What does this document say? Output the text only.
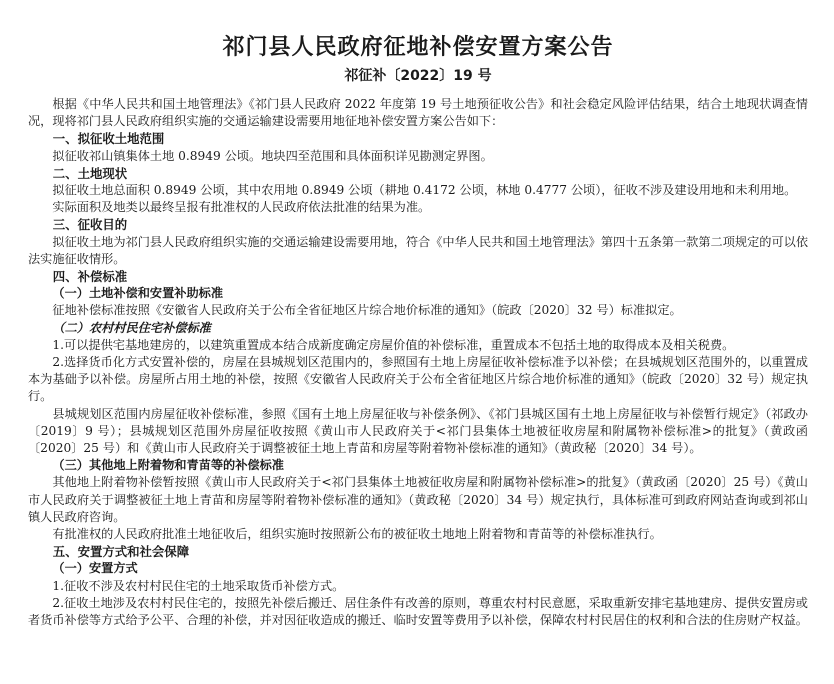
祁门县人民政府征地补偿安置方案公告
祁征补〔2022〕19 号

根据《中华人民共和国土地管理法》《祁门县人民政府 2022 年度第 19 号土地预征收公告》和社会稳定风险评估结果，结合土地现状调查情况，现将祁门县人民政府组织实施的交通运输建设需要用地征地补偿安置方案公告如下：

一、拟征收土地范围

拟征收祁山镇集体土地 0.8949 公顷。地块四至范围和具体面积详见勘测定界图。

二、土地现状

拟征收土地总面积 0.8949 公顷，其中农用地 0.8949 公顷（耕地 0.4172 公顷，林地 0.4777 公顷），征收不涉及建设用地和未利用地。

实际面积及地类以最终呈报有批准权的人民政府依法批准的结果为准。

三、征收目的

拟征收土地为祁门县人民政府组织实施的交通运输建设需要用地，符合《中华人民共和国土地管理法》第四十五条第一款第二项规定的可以依法实施征收情形。

四、补偿标准

（一）土地补偿和安置补助标准

征地补偿标准按照《安徽省人民政府关于公布全省征地区片综合地价标准的通知》（皖政〔2020〕32 号）标准拟定。

（二）农村村民住宅补偿标准

1.可以提供宅基地建房的，以建筑重置成本结合成新度确定房屋价值的补偿标准，重置成本不包括土地的取得成本及相关税费。

2.选择货币化方式安置补偿的，房屋在县城规划区范围内的，参照国有土地上房屋征收补偿标准予以补偿；在县城规划区范围外的，以重置成本为基础予以补偿。房屋所占用土地的补偿，按照《安徽省人民政府关于公布全省征地区片综合地价标准的通知》（皖政〔2020〕32 号）规定执行。

县城规划区范围内房屋征收补偿标准，参照《国有土地上房屋征收与补偿条例》、《祁门县城区国有土地上房屋征收与补偿暂行规定》（祁政办〔2019〕9 号）；县城规划区范围外房屋征收按照《黄山市人民政府关于<祁门县集体土地被征收房屋和附属物补偿标准>的批复》（黄政函〔2020〕25 号）和《黄山市人民政府关于调整被征土地上青苗和房屋等附着物补偿标准的通知》（黄政秘〔2020〕34 号）。

（三）其他地上附着物和青苗等的补偿标准

其他地上附着物补偿暂按照《黄山市人民政府关于<祁门县集体土地被征收房屋和附属物补偿标准>的批复》（黄政函〔2020〕25 号）《黄山市人民政府关于调整被征土地上青苗和房屋等附着物补偿标准的通知》（黄政秘〔2020〕34 号）规定执行，具体标准可到政府网站查询或到祁山镇人民政府咨询。

有批准权的人民政府批准土地征收后，组织实施时按照新公布的被征收土地地上附着物和青苗等的补偿标准执行。

五、安置方式和社会保障

（一）安置方式

1.征收不涉及农村村民住宅的土地采取货币补偿方式。

2.征收土地涉及农村村民住宅的，按照先补偿后搬迁、居住条件有改善的原则，尊重农村村民意愿，采取重新安排宅基地建房、提供安置房或者货币补偿等方式给予公平、合理的补偿，并对因征收造成的搬迁、临时安置等费用予以补偿，保障农村村民居住的权利和合法的住房财产权益。
